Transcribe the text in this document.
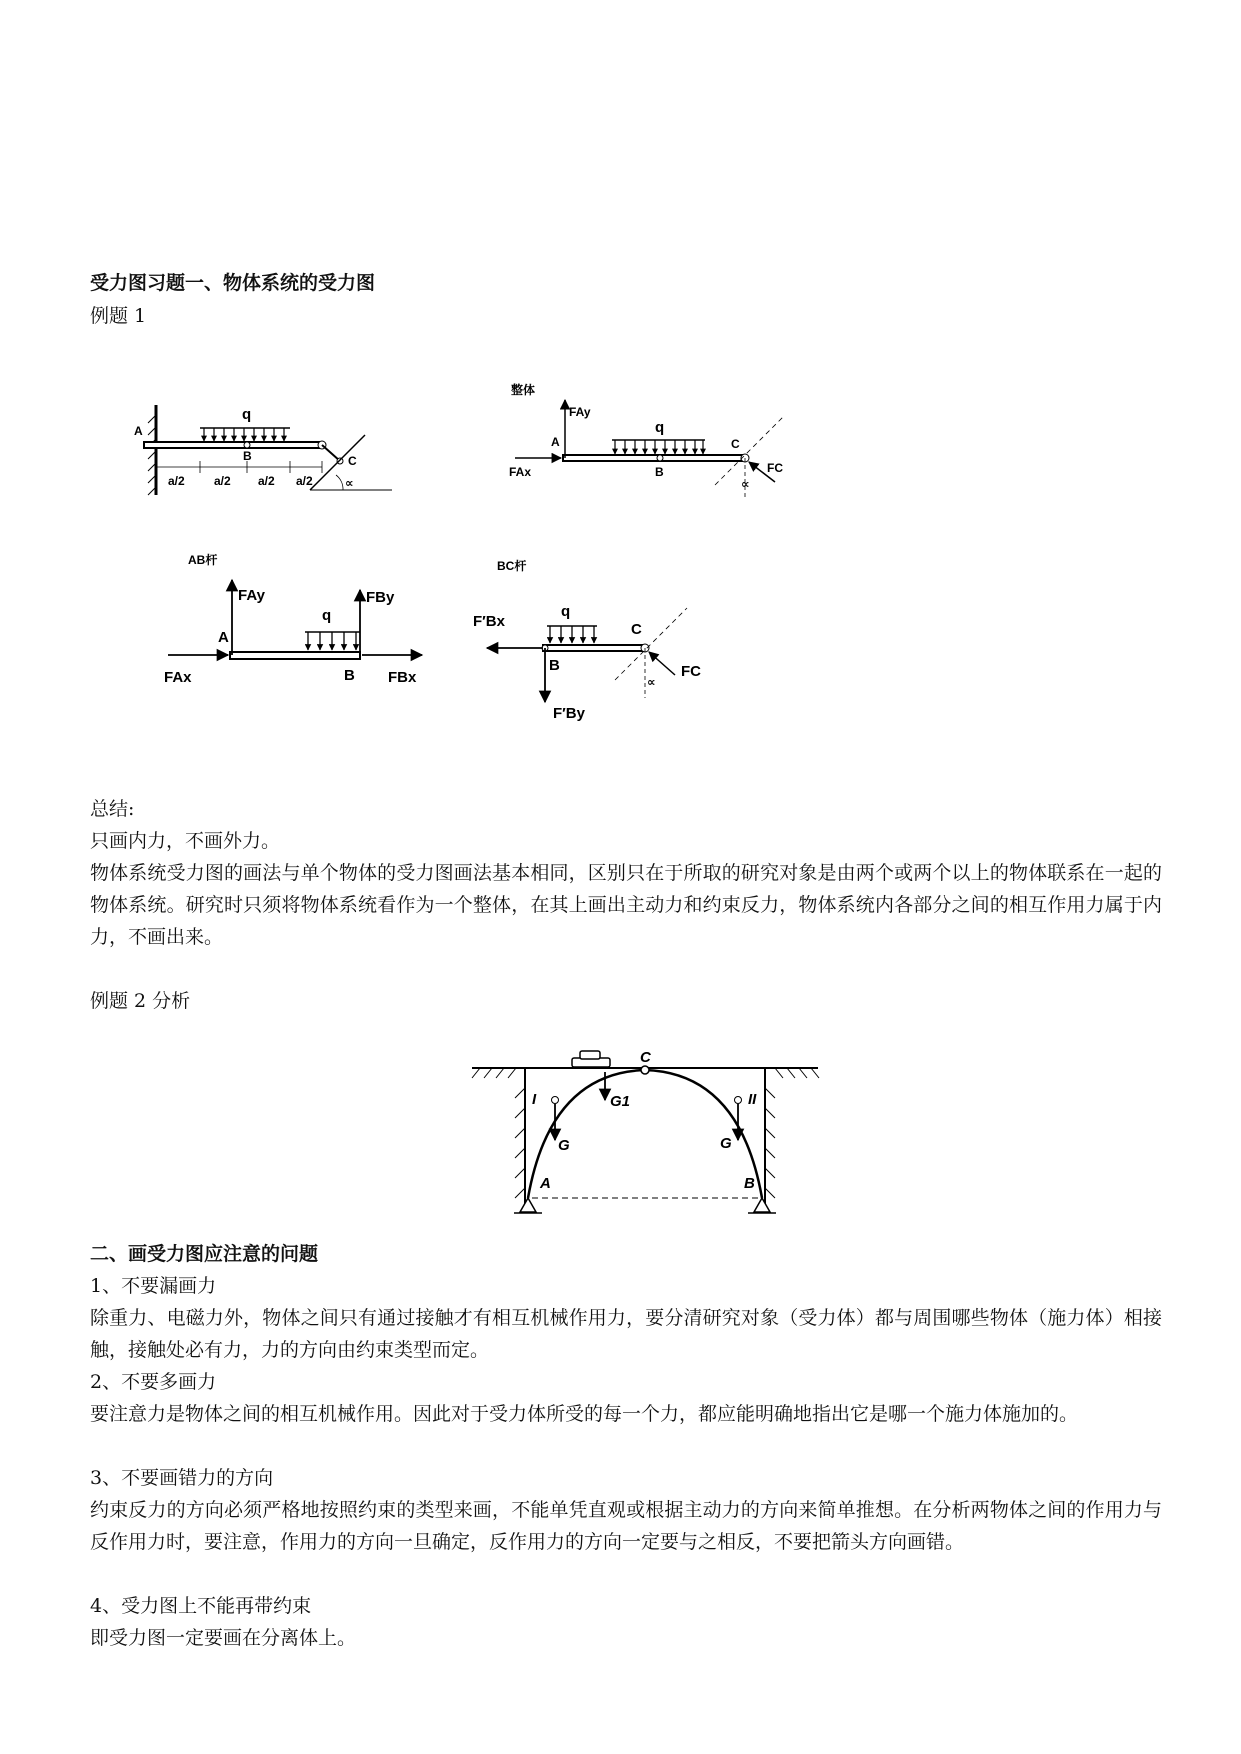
受力图习题一、物体系统的受力图
例题 1
A
B	C
q
a/2 a/2 a/2 a/2	∝
整体
A
B
C
q
FAy
FAx	FC
∝
AB杆
A
B
q
FAy
FAx
FBy
FBx
BC杆
B
C
q
F′Bx
F′By
FC
∝
总结:
只画内力，不画外力。
物体系统受力图的画法与单个物体的受力图画法基本相同，区别只在于所取的研究对象是由两个或两个以上的物体联系在一起的物体系统。研究时只须将物体系统看作为一个整体，在其上画出主动力和约束反力，物体系统内各部分之间的相互作用力属于内力，不画出来。
例题 2 分析
A	B
C
I	II
G
G1
G
二、画受力图应注意的问题
1、不要漏画力
除重力、电磁力外，物体之间只有通过接触才有相互机械作用力，要分清研究对象（受力体）都与周围哪些物体（施力体）相接触，接触处必有力，力的方向由约束类型而定。
2、不要多画力
要注意力是物体之间的相互机械作用。因此对于受力体所受的每一个力，都应能明确地指出它是哪一个施力体施加的。
3、不要画错力的方向
约束反力的方向必须严格地按照约束的类型来画，不能单凭直观或根据主动力的方向来简单推想。在分析两物体之间的作用力与反作用力时，要注意，作用力的方向一旦确定，反作用力的方向一定要与之相反，不要把箭头方向画错。
4、受力图上不能再带约束
即受力图一定要画在分离体上。
